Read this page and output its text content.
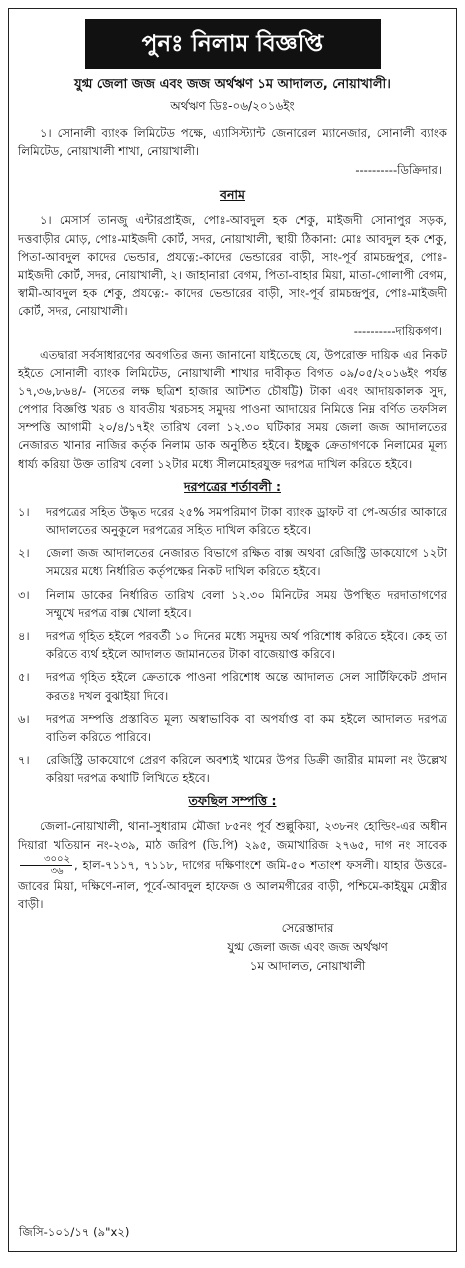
পুনঃ নিলাম বিজ্ঞপ্তি
যুগ্ম জেলা জজ এবং জজ অর্থঋণ ১ম আদালত, নোয়াখালী।
অর্থঋণ ডিঃ-০৬/২০১৬ইং

১। সোনালী ব্যাংক লিমিটেড পক্ষে, এ্যাসিস্ট্যান্ট জেনারেল ম্যানেজার, সোনালী ব্যাংক লিমিটেড, নোয়াখালী শাখা, নোয়াখালী।

----------ডিক্রিদার।
বনাম

১। মেসার্স তানজু এন্টারপ্রাইজ, পোঃ-আবদুল হক শেকু, মাইজদী সোনাপুর সড়ক, দত্তবাড়ীর মোড়, পোঃ-মাইজদী কোর্ট, সদর, নোয়াখালী, স্থায়ী ঠিকানা: মোঃ আবদুল হক শেকু, পিতা-আবদুল কাদের ভেন্ডার, প্রযত্নে:-কাদের ভেন্ডারের বাড়ী, সাং-পূর্ব রামচন্দ্রপুর, পোঃ-মাইজদী কোর্ট, সদর, নোয়াখালী, ২। জাহানারা বেগম, পিতা-বাহার মিয়া, মাতা-গোলাপী বেগম, স্বামী-আবদুল হক শেকু, প্রযত্নে:- কাদের ভেন্ডারের বাড়ী, সাং-পূর্ব রামচন্দ্রপুর, পোঃ-মাইজদী কোর্ট, সদর, নোয়াখালী।

----------দায়িকগণ।

এতদ্বারা সর্বসাধারণের অবগতির জন্য জানানো যাইতেছে যে, উপরোক্ত দায়িক এর নিকট হইতে সোনালী ব্যাংক লিমিটেড, নোয়াখালী শাখার দাবীকৃত বিগত ০৯/০৫/২০১৬ইং পর্যন্ত ১৭,৩৬,৮৬৪/- (সতের লক্ষ ছত্রিশ হাজার আটশত চৌষট্টি) টাকা এবং আদায়কালক সুদ, পেপার বিজ্ঞপ্তি খরচ ও যাবতীয় খরচসহ সমুদয় পাওনা আদায়ের নিমিত্তে নিম্ন বর্ণিত তফসিল সম্পত্তি আগামী ২০/৪/১৭ইং তারিখ বেলা ১২.৩০ ঘটিকার সময় জেলা জজ আদালতের নেজারত খানার নাজির কর্তৃক নিলাম ডাক অনুষ্ঠিত হইবে। ইচ্ছুক ক্রেতাগণকে নিলামের মূল্য ধার্য্য করিয়া উক্ত তারিখ বেলা ১২টার মধ্যে সীলমোহরযুক্ত দরপত্র দাখিল করিতে হইবে।

দরপত্রের শর্তাবলী :
১।	দরপত্রের সহিত উদ্ধৃত দরের ২৫% সমপরিমাণ টাকা ব্যাংক ড্রাফট বা পে-অর্ডার আকারে আদালতের অনুকূলে দরপত্রের সহিত দাখিল করিতে হইবে।
২।	জেলা জজ আদালতের নেজারত বিভাগে রক্ষিত বাক্স অথবা রেজিস্ট্রি ডাকযোগে ১২টা সময়ের মধ্যে নির্ধারিত কর্তৃপক্ষের নিকট দাখিল করিতে হইবে।
৩।	নিলাম ডাকের নির্ধারিত তারিখ বেলা ১২.৩০ মিনিটের সময় উপস্থিত দরদাতাগণের সম্মুখে দরপত্র বাক্স খোলা হইবে।
৪।	দরপত্র গৃহিত হইলে পরবর্তী ১০ দিনের মধ্যে সমুদয় অর্থ পরিশোধ করিতে হইবে। কেহ তা করিতে ব্যর্থ হইলে আদালত জামানতের টাকা বাজেয়াপ্ত করিবে।
৫।	দরপত্র গৃহিত হইলে ক্রেতাকে পাওনা পরিশোধ অন্তে আদালত সেল সার্টিফিকেট প্রদান করতঃ দখল বুঝাইয়া দিবে।
৬।	দরপত্র সম্পত্তি প্রস্তাবিত মূল্য অস্বাভাবিক বা অপর্যাপ্ত বা কম হইলে আদালত দরপত্র বাতিল করিতে পারিবে।
৭।	রেজিস্ট্রি ডাকযোগে প্রেরণ করিলে অবশ্যই খামের উপর ডিক্রী জারীর মামলা নং উল্লেখ করিয়া দরপত্র কথাটি লিখিতে হইবে।
তফছিল সম্পত্তি :

জেলা-নোয়াখালী, থানা-সুধারাম মৌজা ৮৫নং পূর্ব শুল্লুকিয়া, ২৩৮নং হোল্ডিং-এর অধীন দিয়ারা খতিয়ান নং-২৩৯, মাঠ জরিপ (ডি.পি) ২৯৫, জমাখারিজ ২৭৬৫, দাগ নং সাবেক
$\frac{৩০০২}{৩৬}$ , হাল-৭১১৭, ৭১১৮, দাগের দক্ষিণাংশে জমি-৫০ শতাংশ ফসলী। যাহার উত্তরে-জাবের মিয়া, দক্ষিণে-নাল, পূর্বে-আবদুল হাফেজ ও আলমগীরের বাড়ী, পশ্চিমে-কাইয়ুম মেস্ত্রীর বাড়ী।

সেরেস্তাদার
যুগ্ম জেলা জজ এবং জজ অর্থঋণ
১ম আদালত, নোয়াখালী
জিসি-১০১/১৭ (৯"x২)
